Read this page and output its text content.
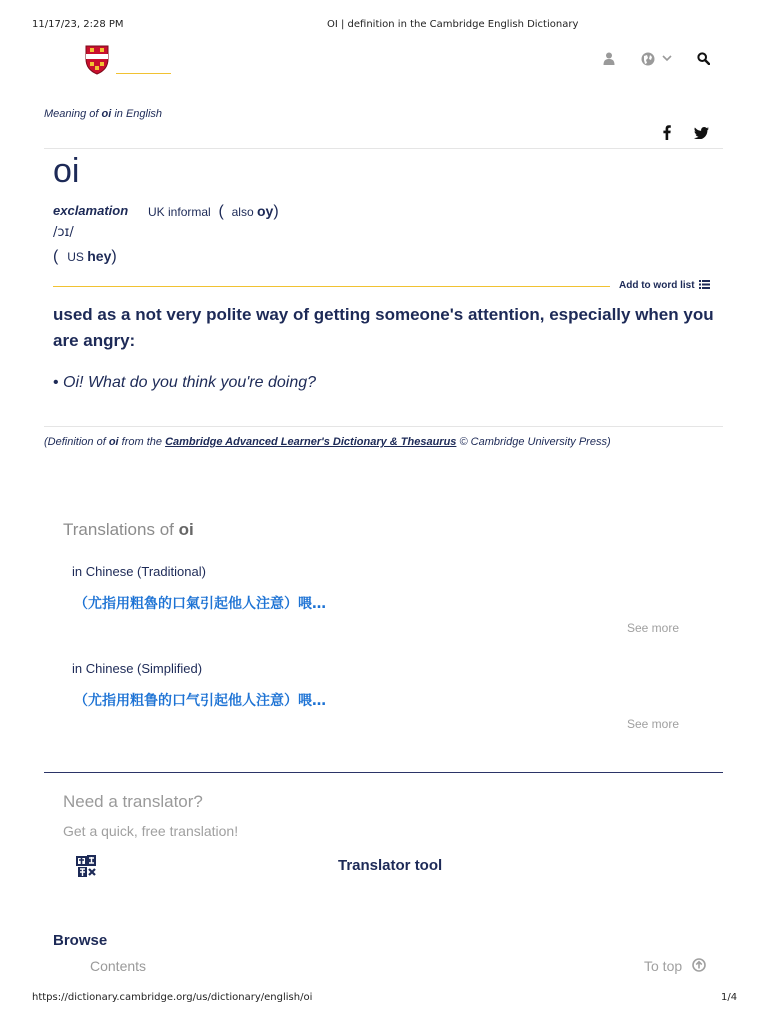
11/17/23, 2:28 PM	OI | definition in the Cambridge English Dictionary
Meaning of oi in English
oi
exclamation UK informal  (  also oy)
/ɔɪ/
(  US hey)
Add to word list
used as a not very polite way of getting someone's attention, especially when you are angry:
• Oi! What do you think you're doing?
(Definition of oi from the Cambridge Advanced Learner's Dictionary & Thesaurus © Cambridge University Press)
Translations of oi
in Chinese (Traditional)
（尤指用粗魯的口氣引起他人注意）喂…
See more
in Chinese (Simplified)
（尤指用粗鲁的口气引起他人注意）喂…
See more
Need a translator?
Get a quick, free translation!
Translator tool
Browse
Contents	To top
https://dictionary.cambridge.org/us/dictionary/english/oi	1/4
